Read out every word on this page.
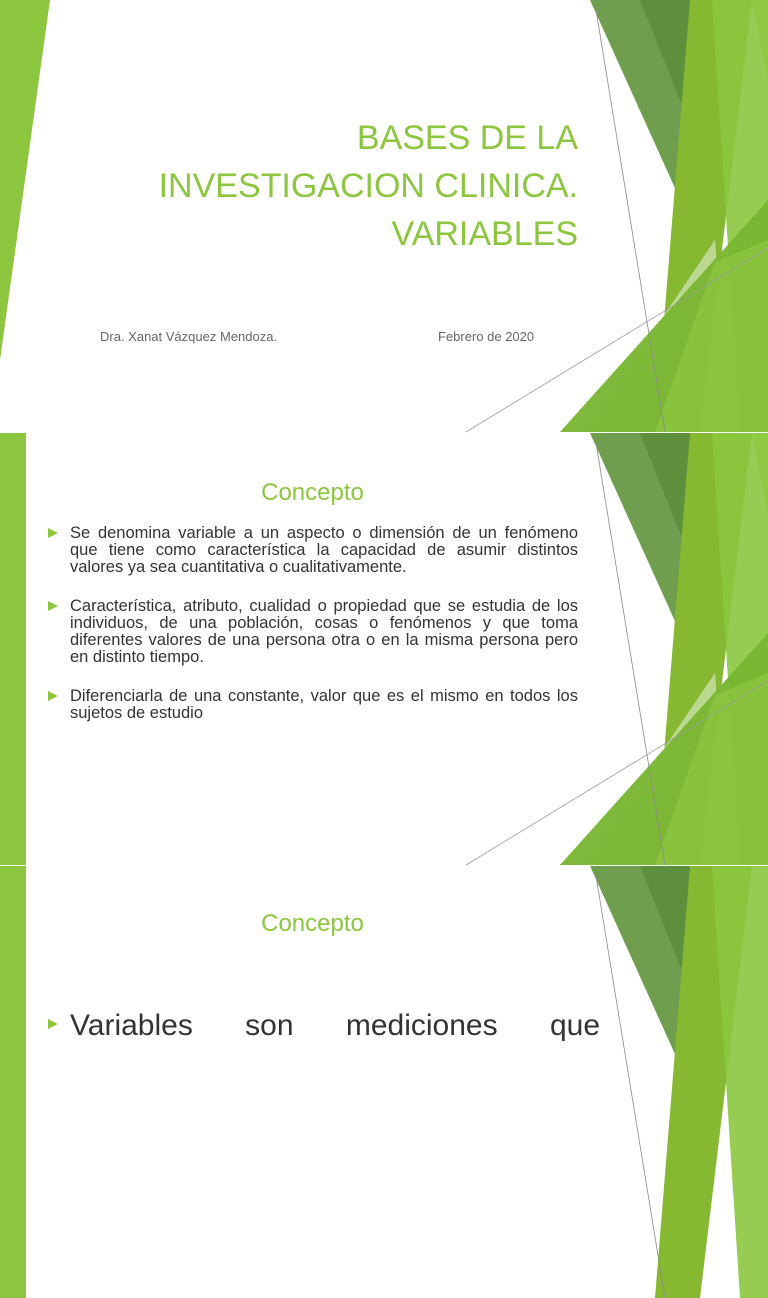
BASES DE LA
INVESTIGACION CLINICA.
VARIABLES
Dra. Xanat Vázquez Mendoza.	Febrero de 2020
Concepto
Se denomina variable a un aspecto o dimensión de un fenómeno que tiene como característica la capacidad de asumir distintos valores ya sea cuantitativa o cualitativamente.
Característica, atributo, cualidad o propiedad que se estudia de los individuos, de una población, cosas o fenómenos y que toma diferentes valores de una persona otra o en la misma persona pero en distinto tiempo.
Diferenciarla de una constante, valor que es el mismo en todos los sujetos de estudio
Concepto

Variables son mediciones que
